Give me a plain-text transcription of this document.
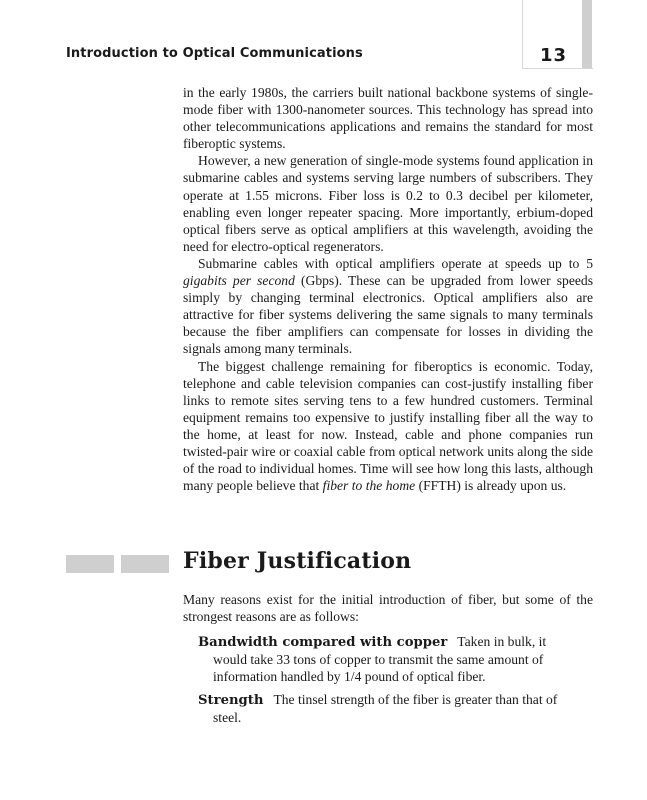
Introduction to Optical Communications	13

in the early 1980s, the carriers built national backbone systems of single-mode fiber with 1300-nanometer sources. This technology has spread into other telecommunications applications and remains the standard for most fiberoptic systems.

However, a new generation of single-mode systems found application in submarine cables and systems serving large numbers of subscribers. They operate at 1.55 microns. Fiber loss is 0.2 to 0.3 decibel per kilometer, enabling even longer repeater spacing. More importantly, erbium-doped optical fibers serve as optical amplifiers at this wavelength, avoiding the need for electro-optical regenerators.

Submarine cables with optical amplifiers operate at speeds up to 5 gigabits per second (Gbps). These can be upgraded from lower speeds simply by changing terminal electronics. Optical amplifiers also are attractive for fiber systems delivering the same signals to many terminals because the fiber amplifiers can compensate for losses in dividing the signals among many terminals.

The biggest challenge remaining for fiberoptics is economic. Today, telephone and cable television companies can cost-justify installing fiber links to remote sites serving tens to a few hundred customers. Terminal equipment remains too expensive to justify installing fiber all the way to the home, at least for now. Instead, cable and phone companies run twisted-pair wire or coaxial cable from optical network units along the side of the road to individual homes. Time will see how long this lasts, although many people believe that fiber to the home (FFTH) is already upon us.

Fiber Justification

Many reasons exist for the initial introduction of fiber, but some of the strongest reasons are as follows:

Bandwidth compared with copper Taken in bulk, it would take 33 tons of copper to transmit the same amount of information handled by 1/4 pound of optical fiber.

Strength The tinsel strength of the fiber is greater than that of steel.
